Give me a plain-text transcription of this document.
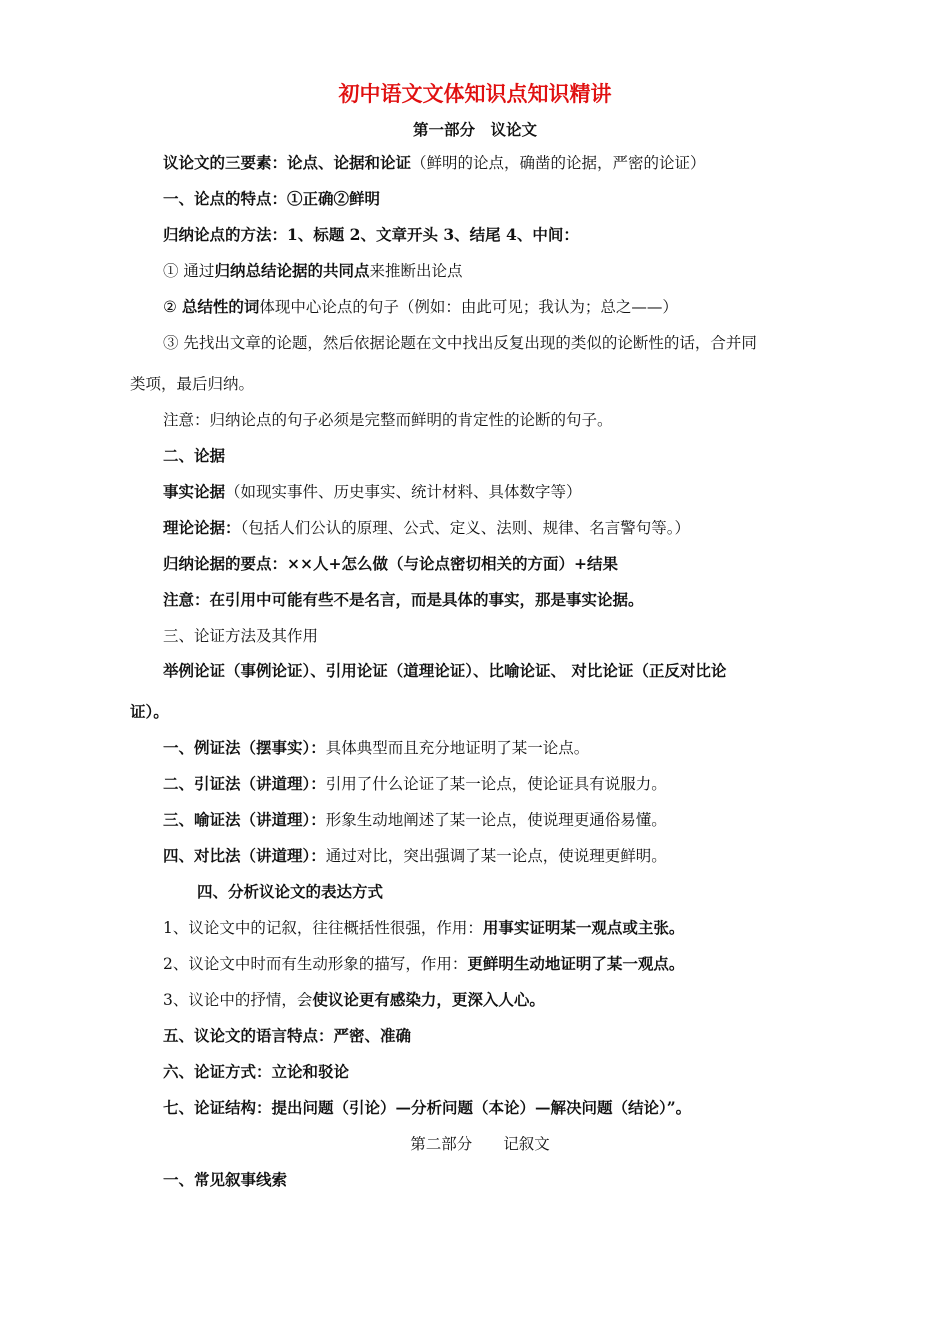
初中语文文体知识点知识精讲
第一部分　议论文
议论文的三要素：论点、论据和论证（鲜明的论点，确凿的论据，严密的论证）
一、论点的特点：①正确②鲜明
归纳论点的方法：1、标题 2、文章开头 3、结尾 4、中间：
① 通过归纳总结论据的共同点来推断出论点
② 总结性的词体现中心论点的句子（例如：由此可见；我认为；总之——）
③ 先找出文章的论题，然后依据论题在文中找出反复出现的类似的论断性的话，合并同
类项，最后归纳。
注意：归纳论点的句子必须是完整而鲜明的肯定性的论断的句子。
二、论据
事实论据（如现实事件、历史事实、统计材料、具体数字等）
理论论据：（包括人们公认的原理、公式、定义、法则、规律、名言警句等。）
归纳论据的要点：××人+怎么做（与论点密切相关的方面）+结果
注意：在引用中可能有些不是名言，而是具体的事实，那是事实论据。
三、论证方法及其作用
举例论证（事例论证）、引用论证（道理论证）、比喻论证、 对比论证（正反对比论
证）。
一、例证法（摆事实）：具体典型而且充分地证明了某一论点。
二、引证法（讲道理）：引用了什么论证了某一论点，使论证具有说服力。
三、喻证法（讲道理）：形象生动地阐述了某一论点，使说理更通俗易懂。
四、对比法（讲道理）：通过对比，突出强调了某一论点，使说理更鲜明。
四、分析议论文的表达方式
1、议论文中的记叙，往往概括性很强，作用：用事实证明某一观点或主张。
2、议论文中时而有生动形象的描写，作用：更鲜明生动地证明了某一观点。
3、议论中的抒情，会使议论更有感染力，更深入人心。
五、议论文的语言特点：严密、准确
六、论证方式：立论和驳论
七、论证结构：提出问题（引论）—分析问题（本论）—解决问题（结论）”。
第二部分　　记叙文
一、常见叙事线索
